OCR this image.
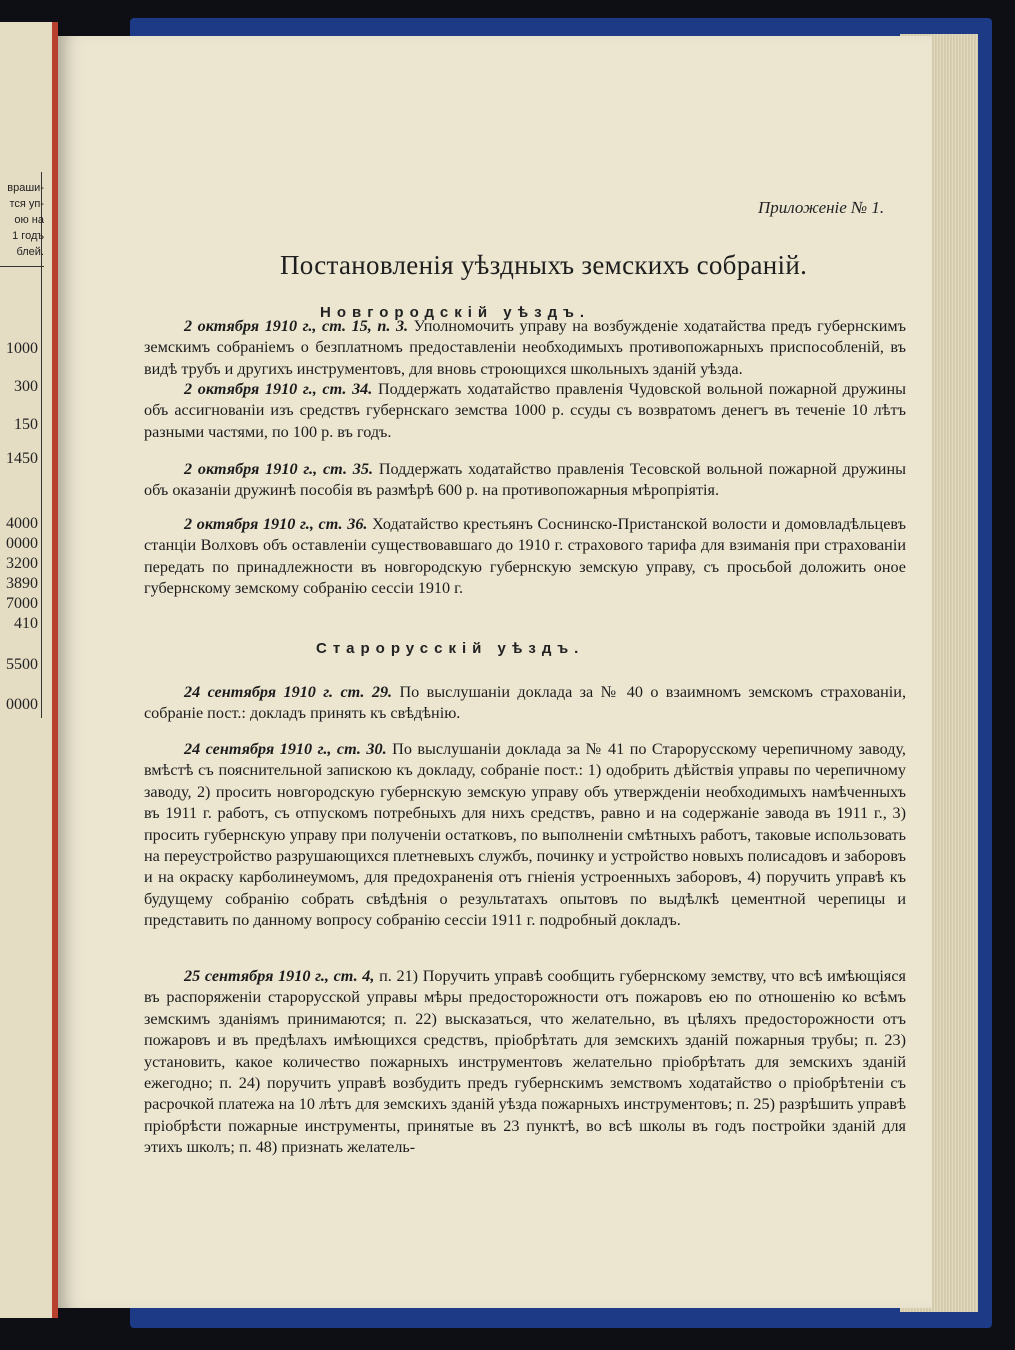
враши-
тся уп-
ою на
1 годъ
блей.
1000
300
150
1450
4000
0000
3200
3890
7000
410
5500
0000
Приложенiе № 1.
Постановленія уѣздныхъ земскихъ собраній.
Новгородскій уѣздъ.
2 октября 1910 г., ст. 15, п. 3. Уполномочить управу на возбужденіе ходатайства предъ губернскимъ земскимъ собраніемъ о безплатномъ предоставленіи необходимыхъ противопожарныхъ приспособленій, въ видѣ трубъ и другихъ инструментовъ, для вновь строющихся школьныхъ зданій уѣзда.
2 октября 1910 г., ст. 34. Поддержать ходатайство правленія Чудовской вольной пожарной дружины объ ассигнованіи изъ средствъ губернскаго земства 1000 р. ссуды съ возвратомъ денегъ въ теченіе 10 лѣтъ разными частями, по 100 р. въ годъ.
2 октября 1910 г., ст. 35. Поддержать ходатайство правленія Тесовской вольной пожарной дружины объ оказаніи дружинѣ пособія въ размѣрѣ 600 р. на противопожарныя мѣропріятія.
2 октября 1910 г., ст. 36. Ходатайство крестьянъ Соснинско-Пристанской волости и домовладѣльцевъ станціи Волховъ объ оставленіи существовавшаго до 1910 г. страхового тарифа для взиманія при страхованіи передать по принадлежности въ новгородскую губернскую земскую управу, съ просьбой доложить оное губернскому земскому собранію сессіи 1910 г.
Старорусскій уѣздъ.
24 сентября 1910 г. ст. 29. По выслушаніи доклада за № 40 о взаимномъ земскомъ страхованіи, собраніе пост.: докладъ принять къ свѣдѣнію.
24 сентября 1910 г., ст. 30. По выслушаніи доклада за № 41 по Старорусскому черепичному заводу, вмѣстѣ съ пояснительной запискою къ докладу, собраніе пост.: 1) одобрить дѣйствія управы по черепичному заводу, 2) просить новгородскую губернскую земскую управу объ утвержденіи необходимыхъ намѣченныхъ въ 1911 г. работъ, съ отпускомъ потребныхъ для нихъ средствъ, равно и на содержаніе завода въ 1911 г., 3) просить губернскую управу при полученіи остатковъ, по выполненіи смѣтныхъ работъ, таковые использовать на переустройство разрушающихся плетневыхъ службъ, починку и устройство новыхъ полисадовъ и заборовъ и на окраску карболинеумомъ, для предохраненія отъ гніенія устроенныхъ заборовъ, 4) поручить управѣ къ будущему собранію собрать свѣдѣнія о результатахъ опытовъ по выдѣлкѣ цементной черепицы и представить по данному вопросу собранію сессіи 1911 г. подробный докладъ.
25 сентября 1910 г., ст. 4, п. 21) Поручить управѣ сообщить губернскому земству, что всѣ имѣющіяся въ распоряженіи старорусской управы мѣры предосторожности отъ пожаровъ ею по отношенію ко всѣмъ земскимъ зданіямъ принимаются; п. 22) высказаться, что желательно, въ цѣляхъ предосторожности отъ пожаровъ и въ предѣлахъ имѣющихся средствъ, пріобрѣтать для земскихъ зданій пожарныя трубы; п. 23) установить, какое количество пожарныхъ инструментовъ желательно пріобрѣтать для земскихъ зданій ежегодно; п. 24) поручить управѣ возбудить предъ губернскимъ земствомъ ходатайство о пріобрѣтеніи съ расрочкой платежа на 10 лѣтъ для земскихъ зданій уѣзда пожарныхъ инструментовъ; п. 25) разрѣшить управѣ пріобрѣсти пожарные инструменты, принятые въ 23 пунктѣ, во всѣ школы въ годъ постройки зданій для этихъ школъ; п. 48) признать желатель-
